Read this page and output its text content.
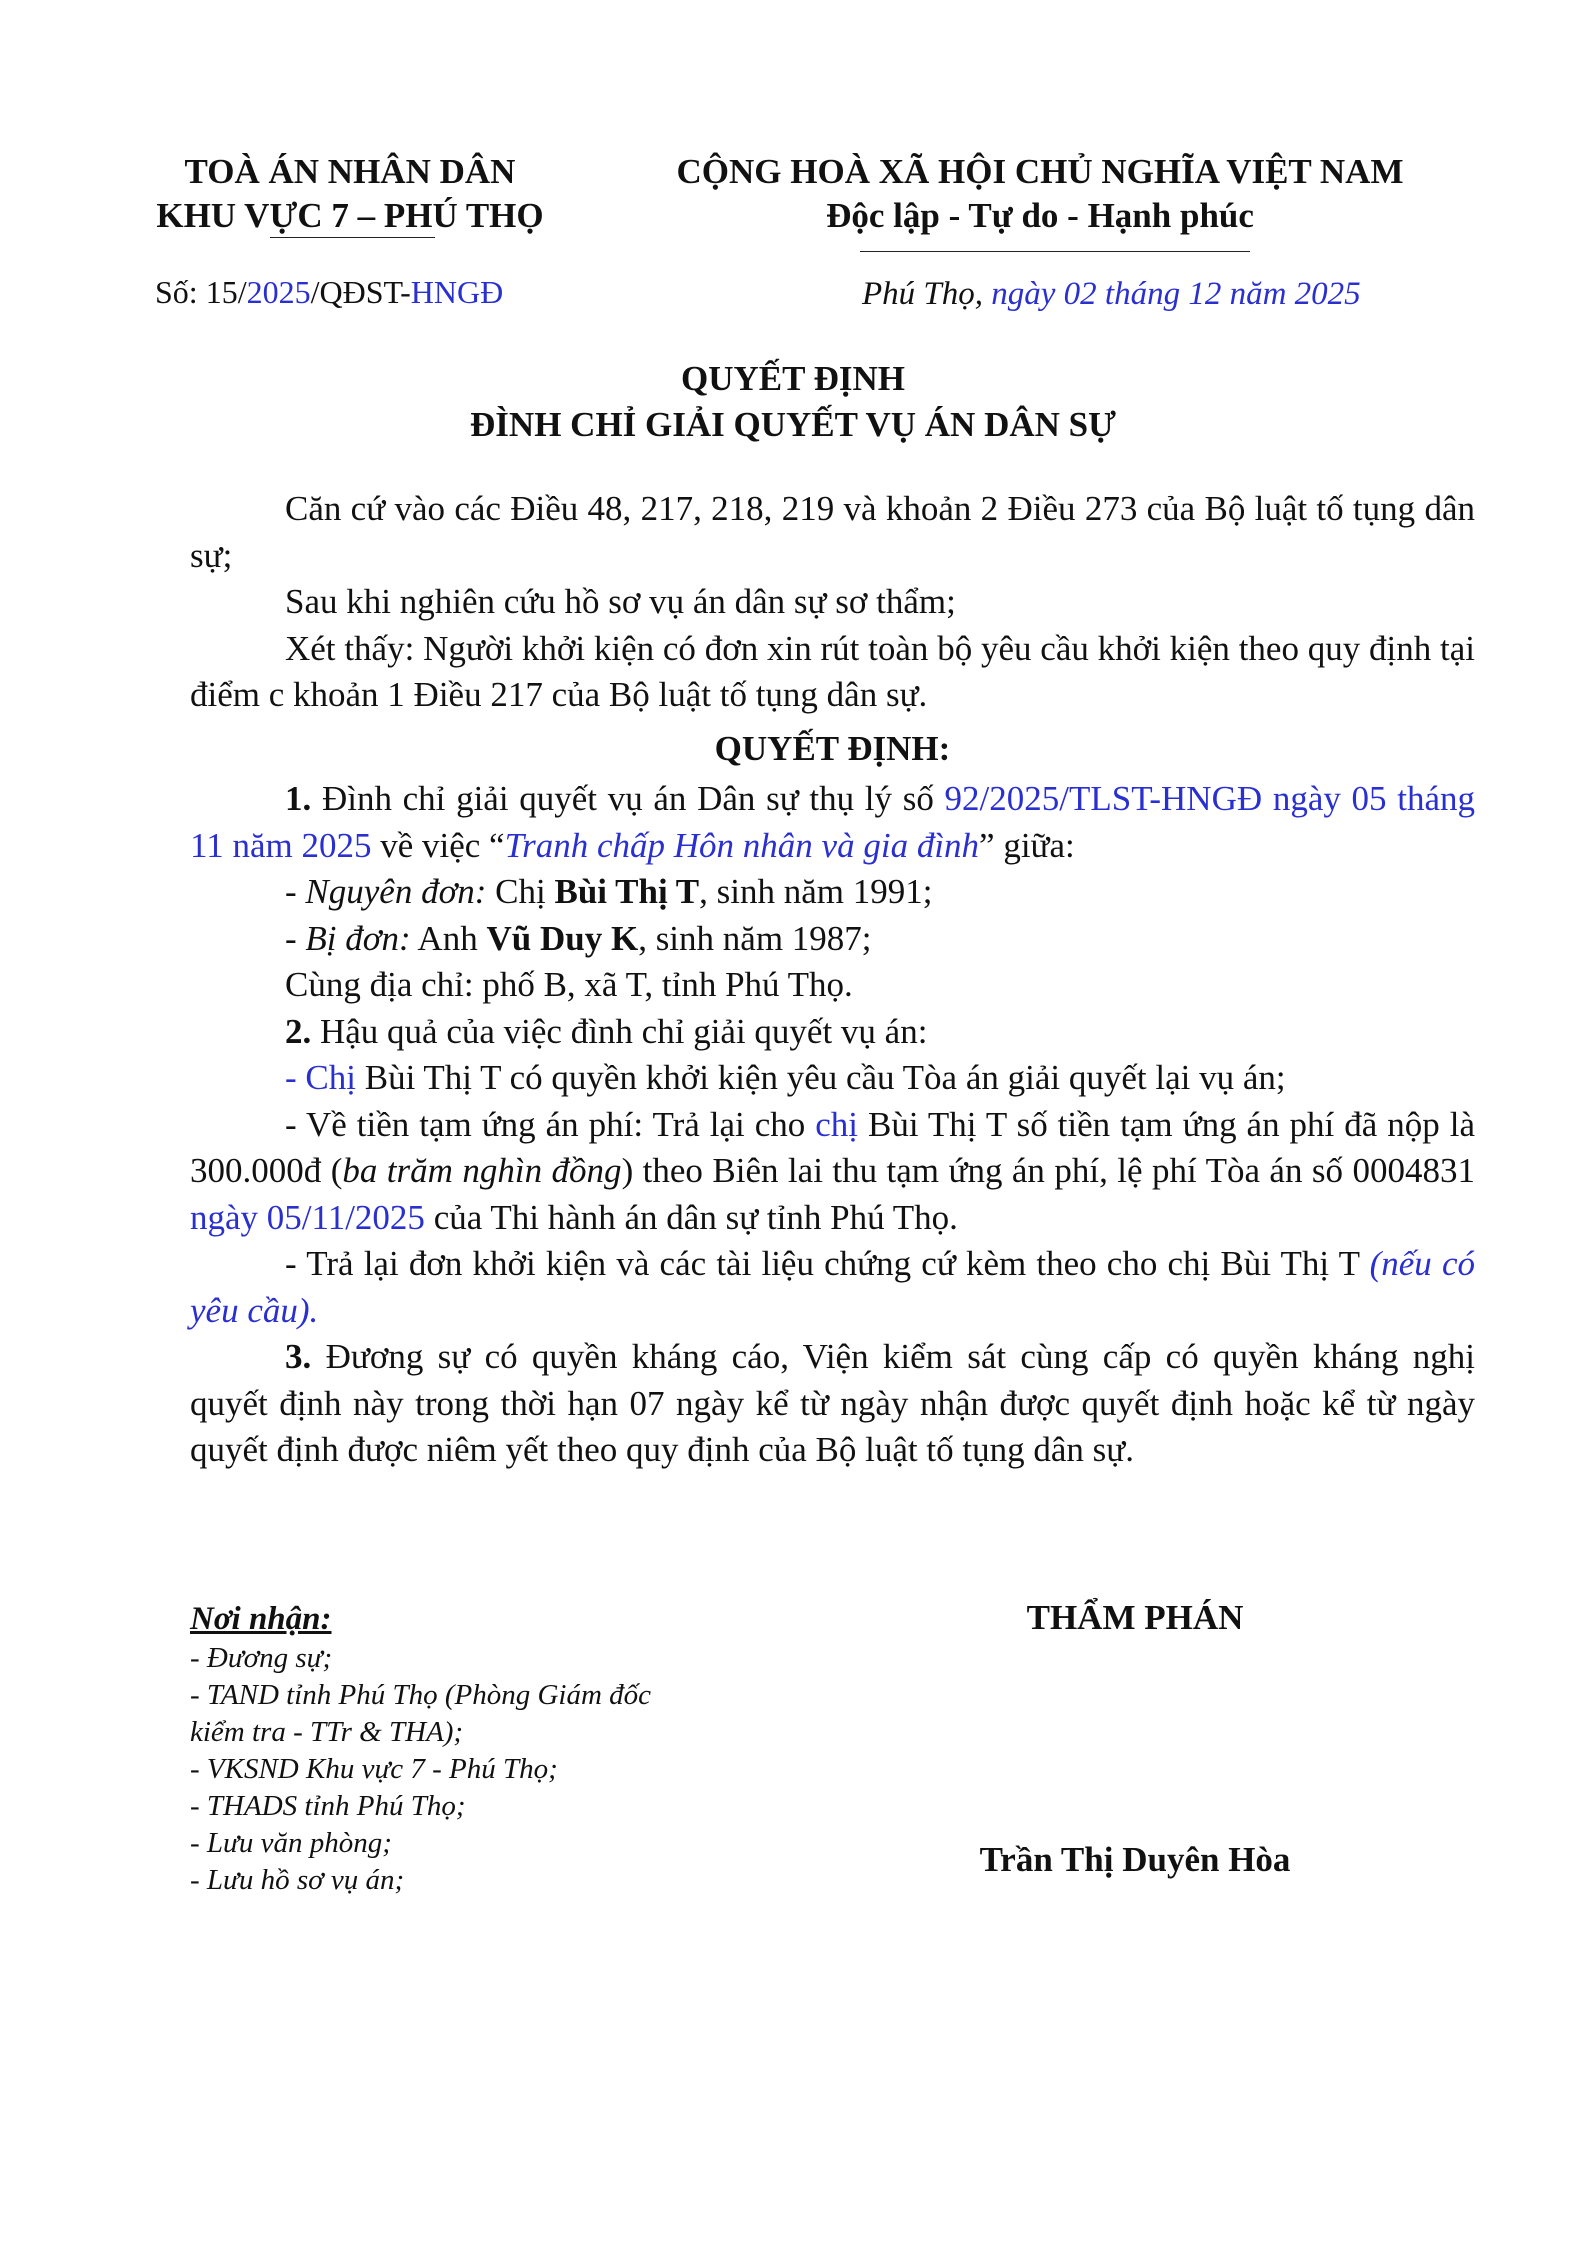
TOÀ ÁN NHÂN DÂN
KHU VỰC 7 – PHÚ THỌ
CỘNG HOÀ XÃ HỘI CHỦ NGHĨA VIỆT NAM
Độc lập - Tự do - Hạnh phúc
Số: 15/2025/QĐST-HNGĐ	Phú Thọ, ngày 02 tháng 12 năm 2025
QUYẾT ĐỊNH
ĐÌNH CHỈ GIẢI QUYẾT VỤ ÁN DÂN SỰ

Căn cứ vào các Điều 48, 217, 218, 219 và khoản 2 Điều 273 của Bộ luật tố tụng dân sự;

Sau khi nghiên cứu hồ sơ vụ án dân sự sơ thẩm;

Xét thấy: Người khởi kiện có đơn xin rút toàn bộ yêu cầu khởi kiện theo quy định tại điểm c khoản 1 Điều 217 của Bộ luật tố tụng dân sự.

QUYẾT ĐỊNH:

1. Đình chỉ giải quyết vụ án Dân sự thụ lý số 92/2025/TLST-HNGĐ ngày 05 tháng 11 năm 2025 về việc “Tranh chấp Hôn nhân và gia đình” giữa:

- Nguyên đơn: Chị Bùi Thị T, sinh năm 1991;

- Bị đơn: Anh Vũ Duy K, sinh năm 1987;

Cùng địa chỉ: phố B, xã T, tỉnh Phú Thọ.

2. Hậu quả của việc đình chỉ giải quyết vụ án:

- Chị Bùi Thị T có quyền khởi kiện yêu cầu Tòa án giải quyết lại vụ án;

- Về tiền tạm ứng án phí: Trả lại cho chị Bùi Thị T số tiền tạm ứng án phí đã nộp là 300.000đ (ba trăm nghìn đồng) theo Biên lai thu tạm ứng án phí, lệ phí Tòa án số 0004831 ngày 05/11/2025 của Thi hành án dân sự tỉnh Phú Thọ.

- Trả lại đơn khởi kiện và các tài liệu chứng cứ kèm theo cho chị Bùi Thị T (nếu có yêu cầu).

3. Đương sự có quyền kháng cáo, Viện kiểm sát cùng cấp có quyền kháng nghị quyết định này trong thời hạn 07 ngày kể từ ngày nhận được quyết định hoặc kể từ ngày quyết định được niêm yết theo quy định của Bộ luật tố tụng dân sự.

Nơi nhận:
- Đương sự;
- TAND tỉnh Phú Thọ (Phòng Giám đốc kiểm tra - TTr & THA);
- VKSND Khu vực 7 - Phú Thọ;
- THADS tỉnh Phú Thọ;
- Lưu văn phòng;
- Lưu hồ sơ vụ án;
THẨM PHÁN
Trần Thị Duyên Hòa
